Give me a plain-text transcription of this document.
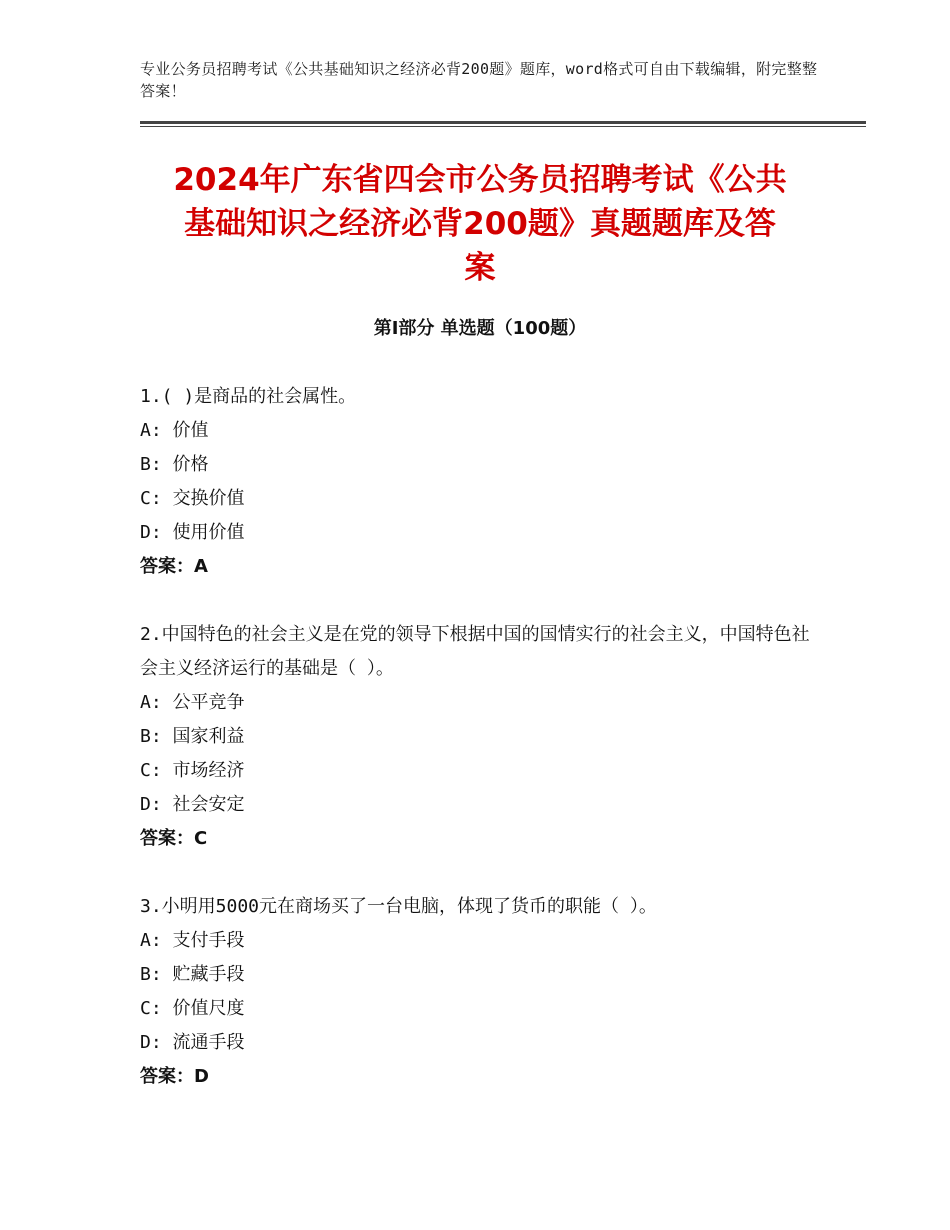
专业公务员招聘考试《公共基础知识之经济必背200题》题库，word格式可自由下载编辑，附完整整答案！
2024年广东省四会市公务员招聘考试《公共
基础知识之经济必背200题》真题题库及答
案
第Ⅰ部分 单选题（100题）
1.( )是商品的社会属性。
A: 价值
B: 价格
C: 交换价值
D: 使用价值
答案：A
2.中国特色的社会主义是在党的领导下根据中国的国情实行的社会主义，中国特色社会主义经济运行的基础是（ ）。
A: 公平竞争
B: 国家利益
C: 市场经济
D: 社会安定
答案：C
3.小明用5000元在商场买了一台电脑，体现了货币的职能（ ）。
A: 支付手段
B: 贮藏手段
C: 价值尺度
D: 流通手段
答案：D
